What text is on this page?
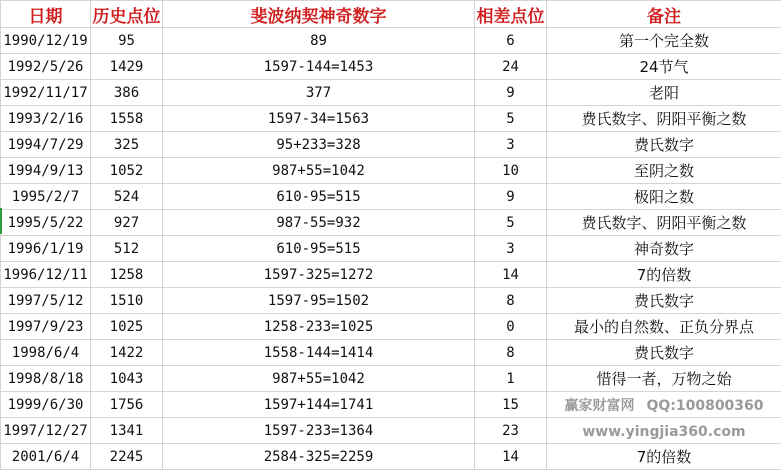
日期	历史点位	斐波纳契神奇数字	相差点位	备注
1990/12/19	95	89	6	第一个完全数
1992/5/26	1429	1597-144=1453	24	24节气
1992/11/17	386	377	9	老阳
1993/2/16	1558	1597-34=1563	5	费氏数字、阴阳平衡之数
1994/7/29	325	95+233=328	3	费氏数字
1994/9/13	1052	987+55=1042	10	至阴之数
1995/2/7	524	610-95=515	9	极阳之数
1995/5/22	927	987-55=932	5	费氏数字、阴阳平衡之数
1996/1/19	512	610-95=515	3	神奇数字
1996/12/11	1258	1597-325=1272	14	7的倍数
1997/5/12	1510	1597-95=1502	8	费氏数字
1997/9/23	1025	1258-233=1025	0	最小的自然数、正负分界点
1998/6/4	1422	1558-144=1414	8	费氏数字
1998/8/18	1043	987+55=1042	1	惜得一者，万物之始
1999/6/30	1756	1597+144=1741	15	赢家财富网 QQ:100800360
1997/12/27	1341	1597-233=1364	23	www.yingjia360.com
2001/6/4	2245	2584-325=2259	14	7的倍数
